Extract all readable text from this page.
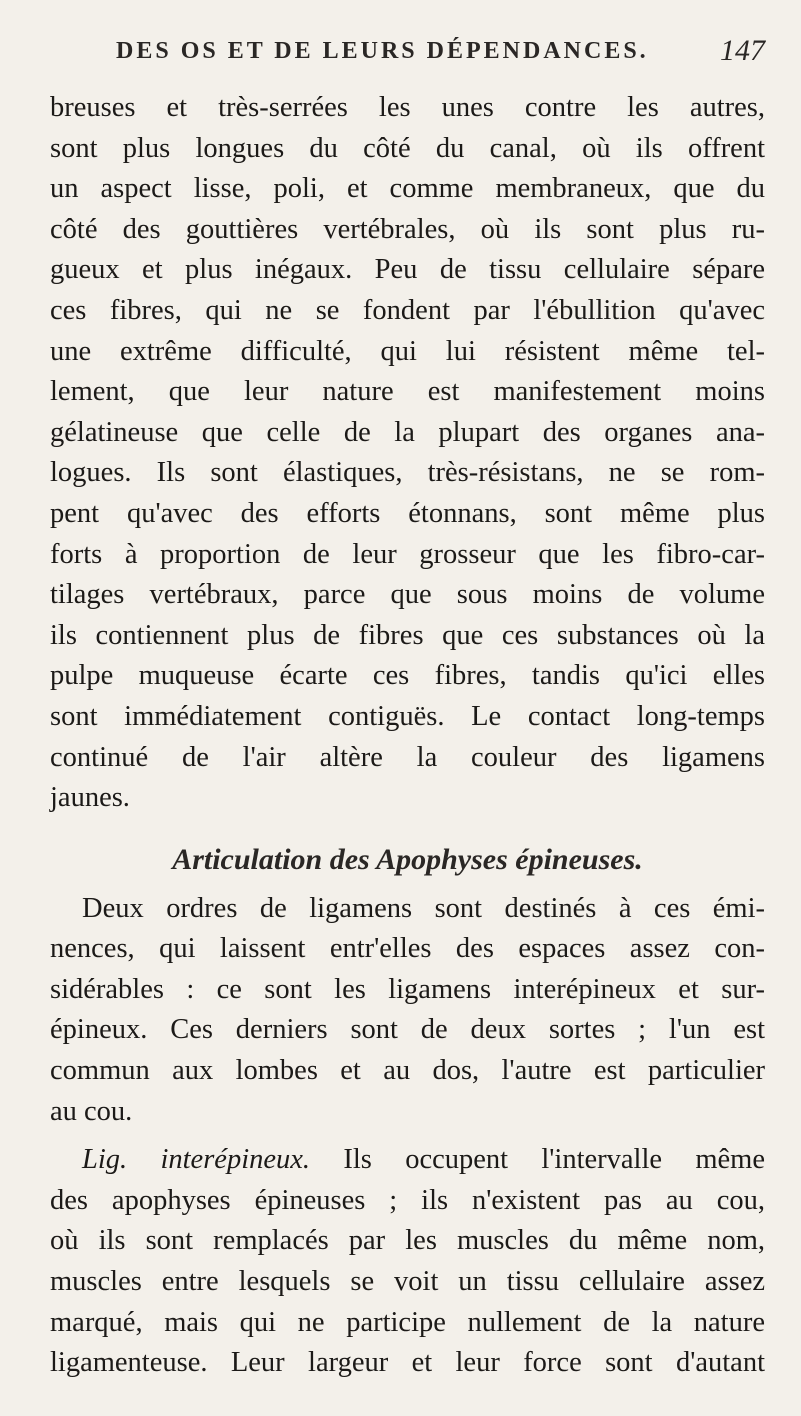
DES OS ET DE LEURS DÉPENDANCES. 147

breuses et très-serrées les unes contre les autres,
sont plus longues du côté du canal, où ils offrent
un aspect lisse, poli, et comme membraneux, que du
côté des gouttières vertébrales, où ils sont plus ru-
gueux et plus inégaux. Peu de tissu cellulaire sépare
ces fibres, qui ne se fondent par l'ébullition qu'avec
une extrême difficulté, qui lui résistent même tel-
lement, que leur nature est manifestement moins
gélatineuse que celle de la plupart des organes ana-
logues. Ils sont élastiques, très-résistans, ne se rom-
pent qu'avec des efforts étonnans, sont même plus
forts à proportion de leur grosseur que les fibro-car-
tilages vertébraux, parce que sous moins de volume
ils contiennent plus de fibres que ces substances où la
pulpe muqueuse écarte ces fibres, tandis qu'ici elles
sont immédiatement contiguës. Le contact long-temps
continué de l'air altère la couleur des ligamens
jaunes.

Articulation des Apophyses épineuses.

Deux ordres de ligamens sont destinés à ces émi-
nences, qui laissent entr'elles des espaces assez con-
sidérables : ce sont les ligamens interépineux et sur-
épineux. Ces derniers sont de deux sortes ; l'un est
commun aux lombes et au dos, l'autre est particulier
au cou.

Lig. interépineux. Ils occupent l'intervalle même
des apophyses épineuses ; ils n'existent pas au cou,
où ils sont remplacés par les muscles du même nom,
muscles entre lesquels se voit un tissu cellulaire assez
marqué, mais qui ne participe nullement de la nature
ligamenteuse. Leur largeur et leur force sont d'autant
